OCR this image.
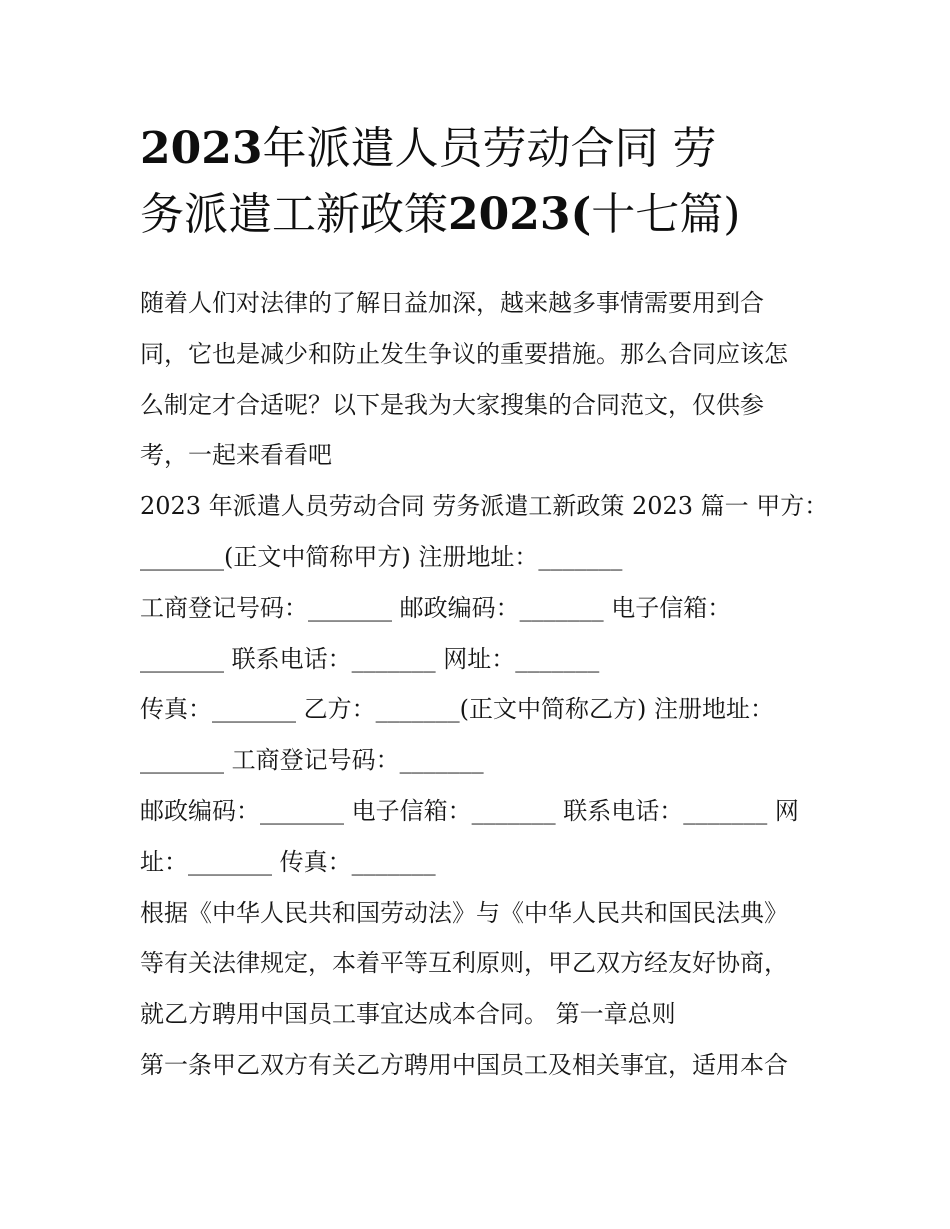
2023年派遣人员劳动合同 劳
务派遣工新政策2023(十七篇)
随着人们对法律的了解日益加深，越来越多事情需要用到合
同，它也是减少和防止发生争议的重要措施。那么合同应该怎
么制定才合适呢？以下是我为大家搜集的合同范文，仅供参
考，一起来看看吧
2023 年派遣人员劳动合同 劳务派遣工新政策 2023 篇一 甲方：
_______(正文中简称甲方) 注册地址：_______
工商登记号码：_______ 邮政编码：_______ 电子信箱：
_______ 联系电话：_______ 网址：_______
传真：_______ 乙方：_______(正文中简称乙方) 注册地址：
_______ 工商登记号码：_______
邮政编码：_______ 电子信箱：_______ 联系电话：_______ 网
址：_______ 传真：_______
根据《中华人民共和国劳动法》与《中华人民共和国民法典》
等有关法律规定，本着平等互利原则，甲乙双方经友好协商，
就乙方聘用中国员工事宜达成本合同。 第一章总则
第一条甲乙双方有关乙方聘用中国员工及相关事宜，适用本合
